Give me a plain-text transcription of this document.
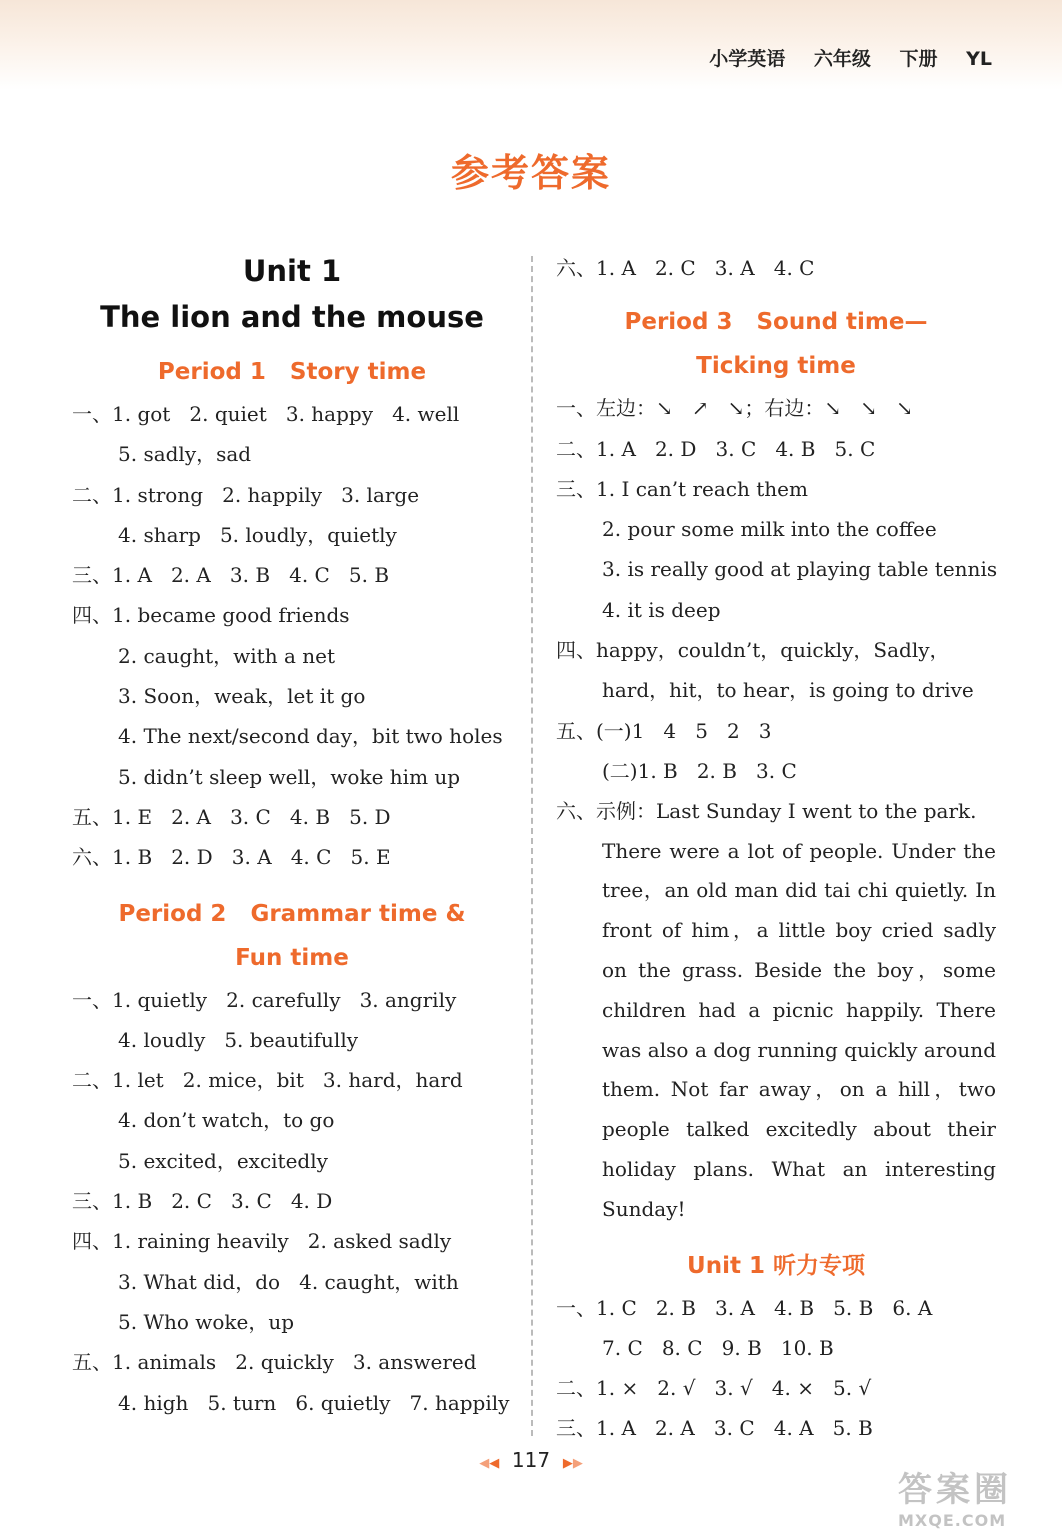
小学英语 六年级 下册 YL
参考答案
Unit 1
The lion and the mouse
Period 1   Story time
一、1. got   2. quiet   3. happy   4. well
5. sadly，sad
二、1. strong   2. happily   3. large
4. sharp   5. loudly，quietly
三、1. A   2. A   3. B   4. C   5. B
四、1. became good friends
2. caught，with a net
3. Soon，weak，let it go
4. The next/second day，bit two holes
5. didn’t sleep well，woke him up
五、1. E   2. A   3. C   4. B   5. D
六、1. B   2. D   3. A   4. C   5. E
Period 2   Grammar time &
Fun time
一、1. quietly   2. carefully   3. angrily
4. loudly   5. beautifully
二、1. let   2. mice，bit   3. hard，hard
4. don’t watch，to go
5. excited，excitedly
三、1. B   2. C   3. C   4. D
四、1. raining heavily   2. asked sadly
3. What did，do   4. caught，with
5. Who woke，up
五、1. animals   2. quickly   3. answered
4. high   5. turn   6. quietly   7. happily
六、1. A   2. C   3. A   4. C
Period 3   Sound time—
Ticking time
一、左边：↘   ↗   ↘；右边：↘   ↘   ↘
二、1. A   2. D   3. C   4. B   5. C
三、1. I can’t reach them
2. pour some milk into the coffee
3. is really good at playing table tennis
4. it is deep
四、happy，couldn’t，quickly，Sadly，
hard，hit，to hear，is going to drive
五、(一)1   4   5   2   3
(二)1. B   2. B   3. C
六、示例：Last Sunday I went to the park.
There were a lot of people. Under the tree，an old man did tai chi quietly. In front of him，a little boy cried sadly on the grass. Beside the boy，some children had a picnic happily. There was also a dog running quickly around them. Not far away，on a hill，two people talked excitedly about their holiday plans. What an interesting Sunday!
Unit 1 听力专项
一、1. C   2. B   3. A   4. B   5. B   6. A
7. C   8. C   9. B   10. B
二、1. ×   2. √   3. √   4. ×   5. √
三、1. A   2. A   3. C   4. A   5. B
◀◀ 117 ▶▶
答案圈
MXQE.COM
